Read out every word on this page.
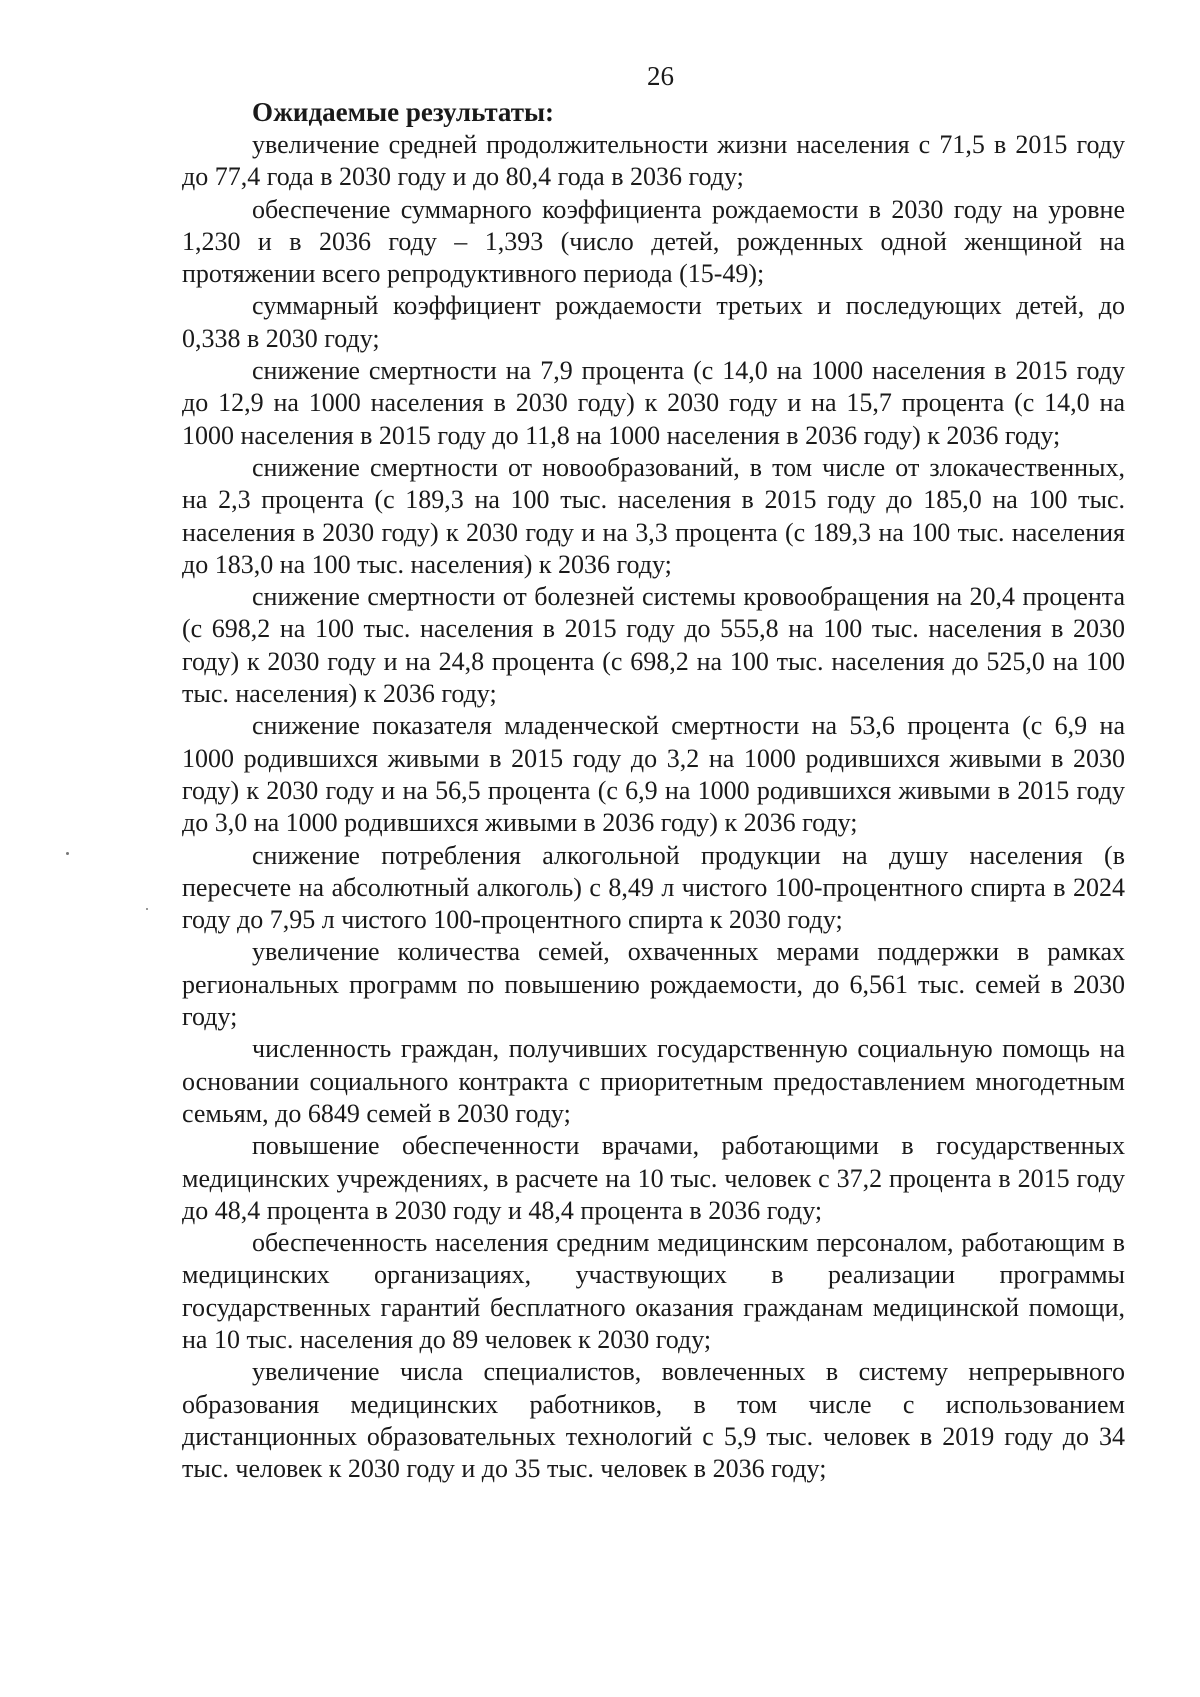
26

Ожидаемые результаты:

увеличение средней продолжительности жизни населения с 71,5 в 2015 году до 77,4 года в 2030 году и до 80,4 года в 2036 году;

обеспечение суммарного коэффициента рождаемости в 2030 году на уровне 1,230 и в 2036 году – 1,393 (число детей, рожденных одной женщиной на протяжении всего репродуктивного периода (15-49);

суммарный коэффициент рождаемости третьих и последующих детей, до 0,338 в 2030 году;

снижение смертности на 7,9 процента (с 14,0 на 1000 населения в 2015 году до 12,9 на 1000 населения в 2030 году) к 2030 году и на 15,7 процента (с 14,0 на 1000 населения в 2015 году до 11,8 на 1000 населения в 2036 году) к 2036 году;

снижение смертности от новообразований, в том числе от злокачественных, на 2,3 процента (с 189,3 на 100 тыс. населения в 2015 году до 185,0 на 100 тыс. населения в 2030 году) к 2030 году и на 3,3 процента (с 189,3 на 100 тыс. населения до 183,0 на 100 тыс. населения) к 2036 году;

снижение смертности от болезней системы кровообращения на 20,4 процента (с 698,2 на 100 тыс. населения в 2015 году до 555,8 на 100 тыс. населения в 2030 году) к 2030 году и на 24,8 процента (с 698,2 на 100 тыс. населения до 525,0 на 100 тыс. населения) к 2036 году;

снижение показателя младенческой смертности на 53,6 процента (с 6,9 на 1000 родившихся живыми в 2015 году до 3,2 на 1000 родившихся живыми в 2030 году) к 2030 году и на 56,5 процента (с 6,9 на 1000 родившихся живыми в 2015 году до 3,0 на 1000 родившихся живыми в 2036 году) к 2036 году;

снижение потребления алкогольной продукции на душу населения (в пересчете на абсолютный алкоголь) с 8,49 л чистого 100-процентного спирта в 2024 году до 7,95 л чистого 100-процентного спирта к 2030 году;

увеличение количества семей, охваченных мерами поддержки в рамках региональных программ по повышению рождаемости, до 6,561 тыс. семей в 2030 году;

численность граждан, получивших государственную социальную помощь на основании социального контракта с приоритетным предоставлением многодетным семьям, до 6849 семей в 2030 году;

повышение обеспеченности врачами, работающими в государственных медицинских учреждениях, в расчете на 10 тыс. человек с 37,2 процента в 2015 году до 48,4 процента в 2030 году и 48,4 процента в 2036 году;

обеспеченность населения средним медицинским персоналом, работающим в медицинских организациях, участвующих в реализации программы государственных гарантий бесплатного оказания гражданам медицинской помощи, на 10 тыс. населения до 89 человек к 2030 году;

увеличение числа специалистов, вовлеченных в систему непрерывного образования медицинских работников, в том числе с использованием дистанционных образовательных технологий с 5,9 тыс. человек в 2019 году до 34 тыс. человек к 2030 году и до 35 тыс. человек в 2036 году;
